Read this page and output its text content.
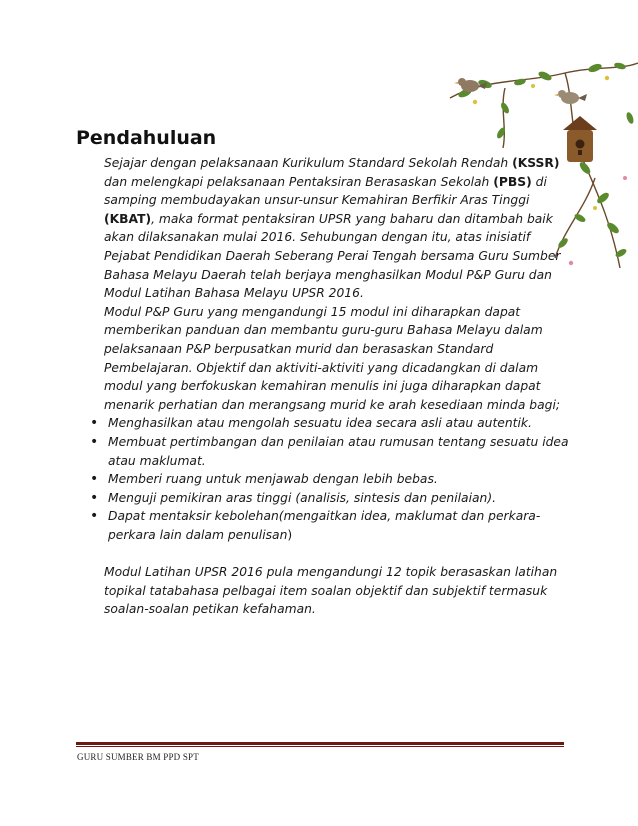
Pendahuluan

Sejajar dengan pelaksanaan Kurikulum Standard Sekolah Rendah (KSSR) dan melengkapi pelaksanaan Pentaksiran Berasaskan Sekolah (PBS) di samping membudayakan unsur-unsur Kemahiran Berfikir Aras Tinggi (KBAT), maka format pentaksiran UPSR yang baharu dan ditambah baik akan dilaksanakan mulai 2016. Sehubungan dengan itu, atas inisiatif Pejabat Pendidikan Daerah Seberang Perai Tengah bersama Guru Sumber Bahasa Melayu Daerah telah berjaya menghasilkan Modul P&P Guru dan Modul Latihan Bahasa Melayu UPSR 2016.

Modul P&P Guru yang mengandungi 15 modul ini diharapkan dapat memberikan panduan dan membantu guru-guru Bahasa Melayu dalam pelaksanaan P&P berpusatkan murid dan berasaskan Standard Pembelajaran. Objektif dan aktiviti-aktiviti yang dicadangkan di dalam modul yang berfokuskan kemahiran menulis ini juga diharapkan dapat menarik perhatian dan merangsang murid ke arah kesediaan minda bagi;

• Menghasilkan atau mengolah sesuatu idea secara asli atau autentik.
• Membuat pertimbangan dan penilaian atau rumusan tentang sesuatu idea atau maklumat.
• Memberi ruang untuk menjawab dengan lebih bebas.
• Menguji pemikiran aras tinggi (analisis, sintesis dan penilaian).
• Dapat mentaksir kebolehan(mengaitkan idea, maklumat dan perkara-perkara lain dalam penulisan)

Modul Latihan UPSR 2016 pula mengandungi 12 topik berasaskan latihan topikal tatabahasa pelbagai item soalan objektif dan subjektif termasuk soalan-soalan petikan kefahaman.

GURU SUMBER BM PPD SPT
